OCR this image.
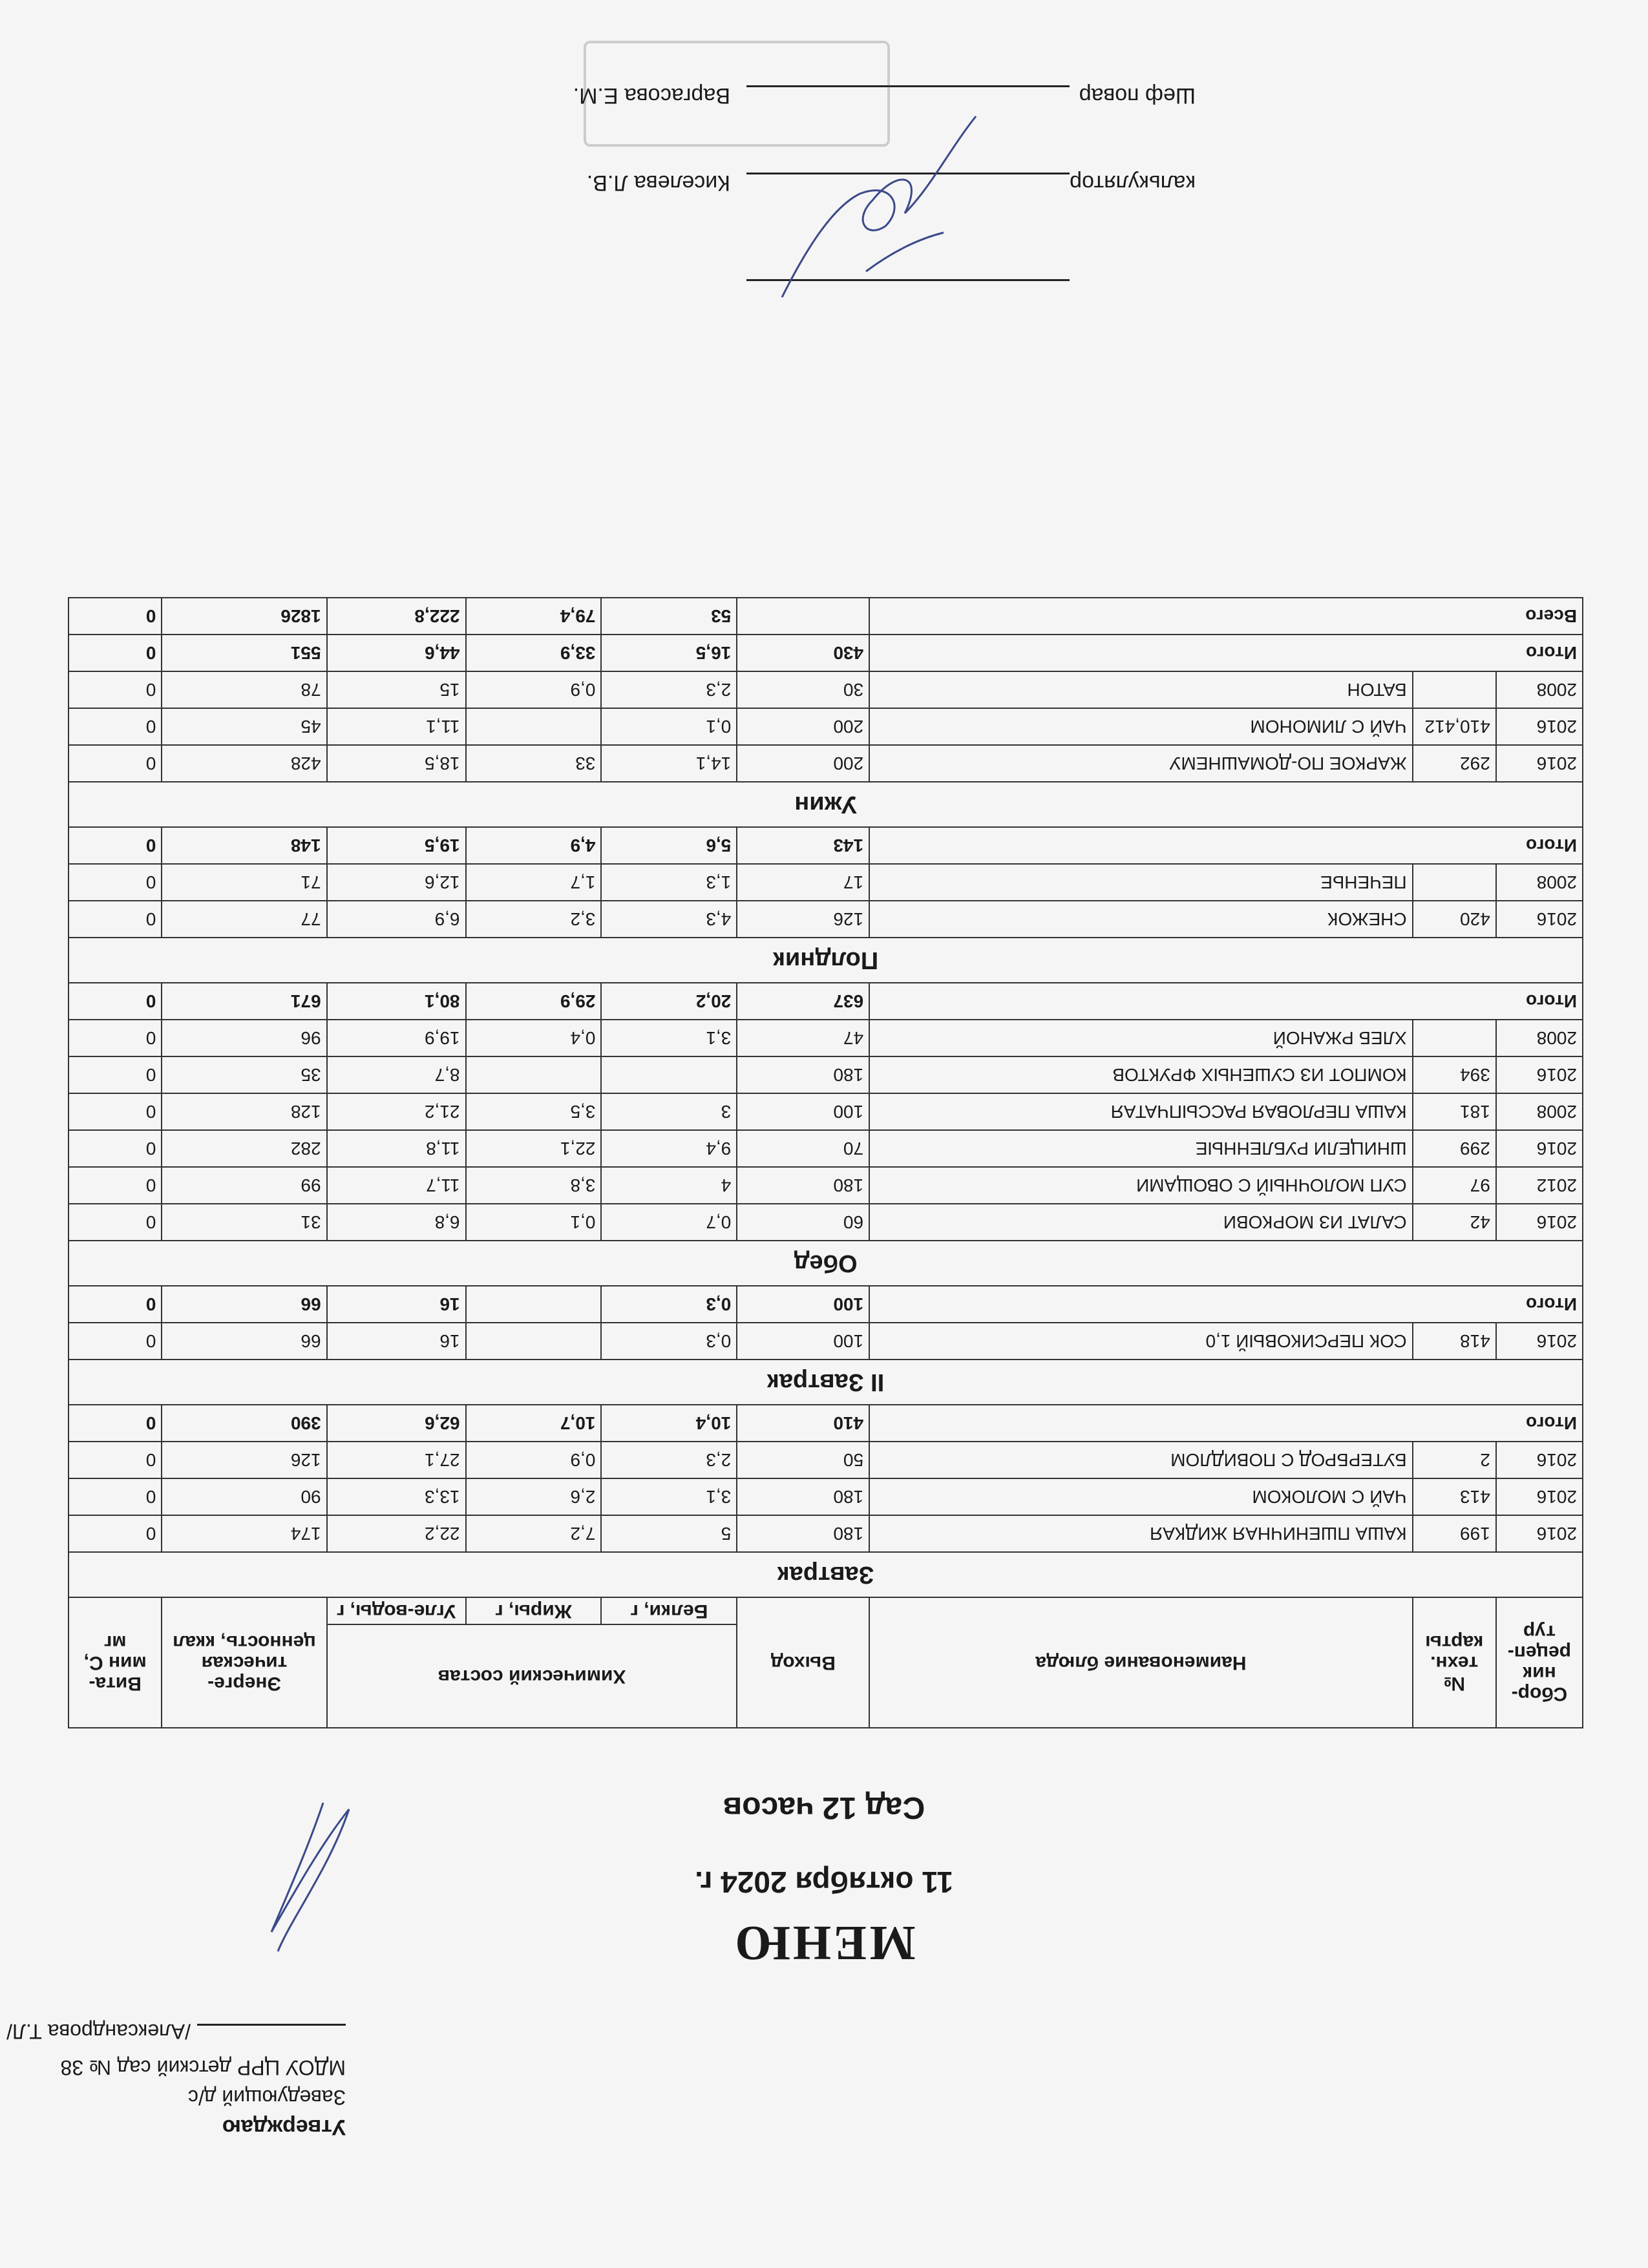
Утверждаю
Заведующий д/с
МДОУ ЦРР детский сад № 38
/Александрова Т.Л/
МЕНЮ
11 октября 2024 г.
Сад 12 часов
Сбор-ник рецеп-тур	№ техн. карты	Наименование блюда	Выход	Химический состав			Энерге-тическая ценность, ккал	Вита-мин С, мг
				Белки, г	Жиры, г	Угле-воды, г		
Завтрак								
2016	199	КАША ПШЕНИЧНАЯ ЖИДКАЯ	180	5	7,2	22,2	174	0
2016	413	ЧАЙ С МОЛОКОМ	180	3,1	2,6	13,3	90	0
2016	2	БУТЕРБРОД С ПОВИДЛОМ	50	2,3	0,9	27,1	126	0
Итого			410	10,4	10,7	62,6	390	0
II Завтрак								
2016	418	СОК ПЕРСИКОВЫЙ 1,0	100	0,3		16	66	0
Итого			100	0,3		16	66	0
Обед								
2016	42	САЛАТ ИЗ МОРКОВИ	60	0,7	0,1	6,8	31	0
2012	97	СУП МОЛОЧНЫЙ С ОВОЩАМИ	180	4	3,8	11,7	99	0
2016	299	ШНИЦЕЛИ РУБЛЕННЫЕ	70	9,4	22,1	11,8	282	0
2008	181	КАША ПЕРЛОВАЯ РАССЫПЧАТАЯ	100	3	3,5	21,2	128	0
2016	394	КОМПОТ ИЗ СУШЕНЫХ ФРУКТОВ	180			8,7	35	0
2008		ХЛЕБ РЖАНОЙ	47	3,1	0,4	19,9	96	0
Итого			637	20,2	29,9	80,1	671	0
Полдник								
2016	420	СНЕЖОК	126	4,3	3,2	6,9	77	0
2008		ПЕЧЕНЬЕ	17	1,3	1,7	12,6	71	0
Итого			143	5,6	4,9	19,5	148	0
Ужин								
2016	292	ЖАРКОЕ ПО-ДОМАШНЕМУ	200	14,1	33	18,5	428	0
2016	410,412	ЧАЙ С ЛИМОНОМ	200	0,1		11,1	45	0
2008		БАТОН	30	2,3	0,9	15	78	0
Итого			430	16,5	33,9	44,6	551	0
Всего				53	79,4	222,8	1826	0
калькулятор
Киселева Л.В.
Шеф повар
Варгасова Е.М.
